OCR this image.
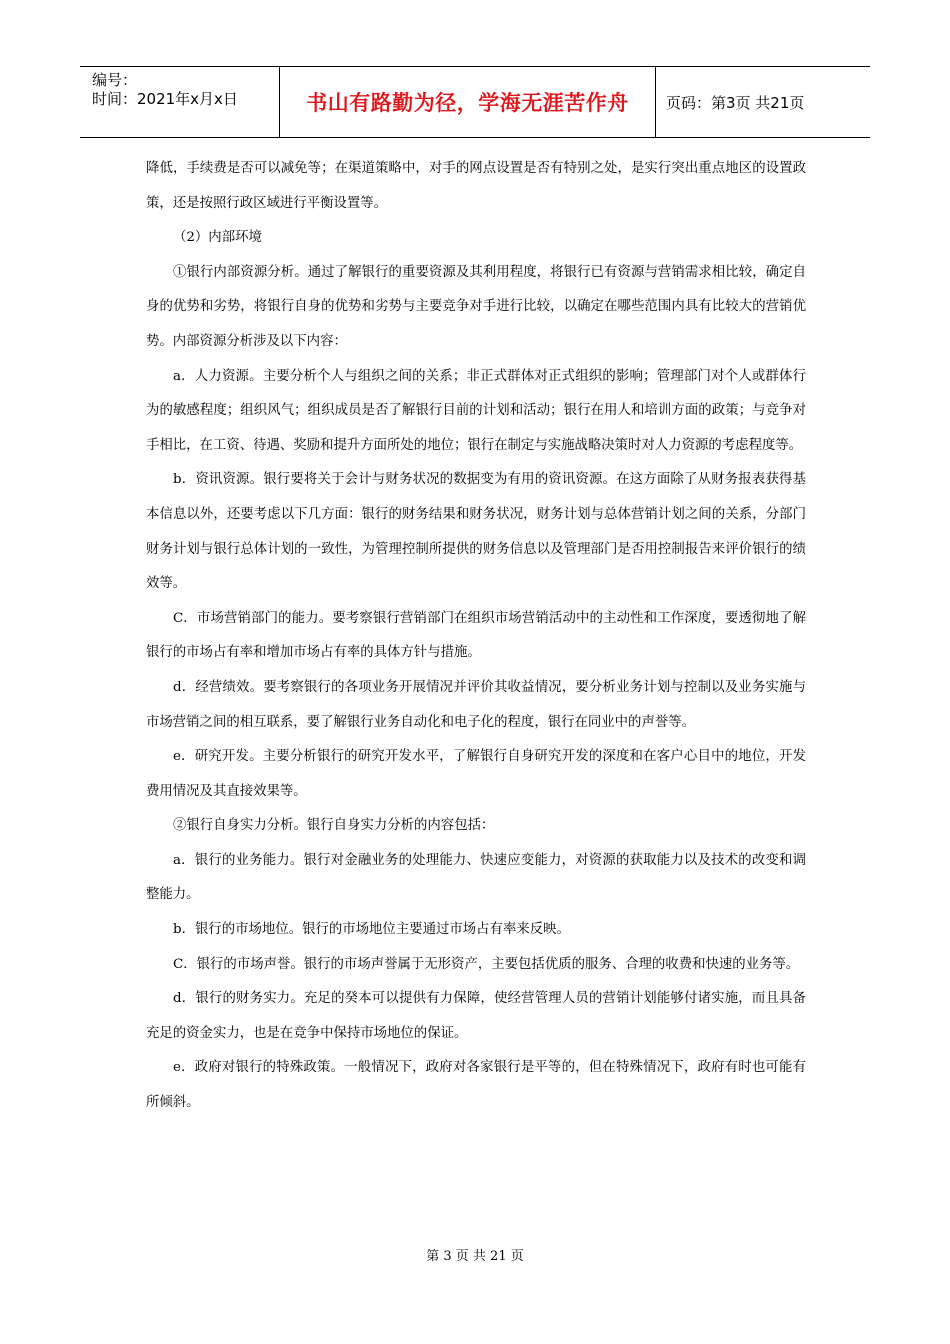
编号：
时间：2021年x月x日	书山有路勤为径，学海无涯苦作舟	页码：第3页 共21页

降低，手续费是否可以减免等；在渠道策略中，对手的网点设置是否有特别之处，是实行突出重点地区的设置政策，还是按照行政区域进行平衡设置等。

（2）内部环境

①银行内部资源分析。通过了解银行的重要资源及其利用程度，将银行已有资源与营销需求相比较，确定自身的优势和劣势，将银行自身的优势和劣势与主要竞争对手进行比较，以确定在哪些范围内具有比较大的营销优势。内部资源分析涉及以下内容：

a．人力资源。主要分析个人与组织之间的关系；非正式群体对正式组织的影响；管理部门对个人或群体行为的敏感程度；组织风气；组织成员是否了解银行目前的计划和活动；银行在用人和培训方面的政策；与竞争对手相比，在工资、待遇、奖励和提升方面所处的地位；银行在制定与实施战略决策时对人力资源的考虑程度等。

b．资讯资源。银行要将关于会计与财务状况的数据变为有用的资讯资源。在这方面除了从财务报表获得基本信息以外，还要考虑以下几方面：银行的财务结果和财务状况，财务计划与总体营销计划之间的关系，分部门财务计划与银行总体计划的一致性，为管理控制所提供的财务信息以及管理部门是否用控制报告来评价银行的绩效等。

C．市场营销部门的能力。要考察银行营销部门在组织市场营销活动中的主动性和工作深度，要透彻地了解银行的市场占有率和增加市场占有率的具体方针与措施。

d．经营绩效。要考察银行的各项业务开展情况并评价其收益情况，要分析业务计划与控制以及业务实施与市场营销之间的相互联系，要了解银行业务自动化和电子化的程度，银行在同业中的声誉等。

e．研究开发。主要分析银行的研究开发水平，了解银行自身研究开发的深度和在客户心目中的地位，开发费用情况及其直接效果等。

②银行自身实力分析。银行自身实力分析的内容包括：

a．银行的业务能力。银行对金融业务的处理能力、快速应变能力，对资源的获取能力以及技术的改变和调整能力。

b．银行的市场地位。银行的市场地位主要通过市场占有率来反映。

C．银行的市场声誉。银行的市场声誉属于无形资产，主要包括优质的服务、合理的收费和快速的业务等。

d．银行的财务实力。充足的癸本可以提供有力保障，使经营管理人员的营销计划能够付诸实施，而且具备充足的资金实力，也是在竞争中保持市场地位的保证。

e．政府对银行的特殊政策。一般情况下，政府对各家银行是平等的，但在特殊情况下，政府有时也可能有所倾斜。

第 3 页 共 21 页
